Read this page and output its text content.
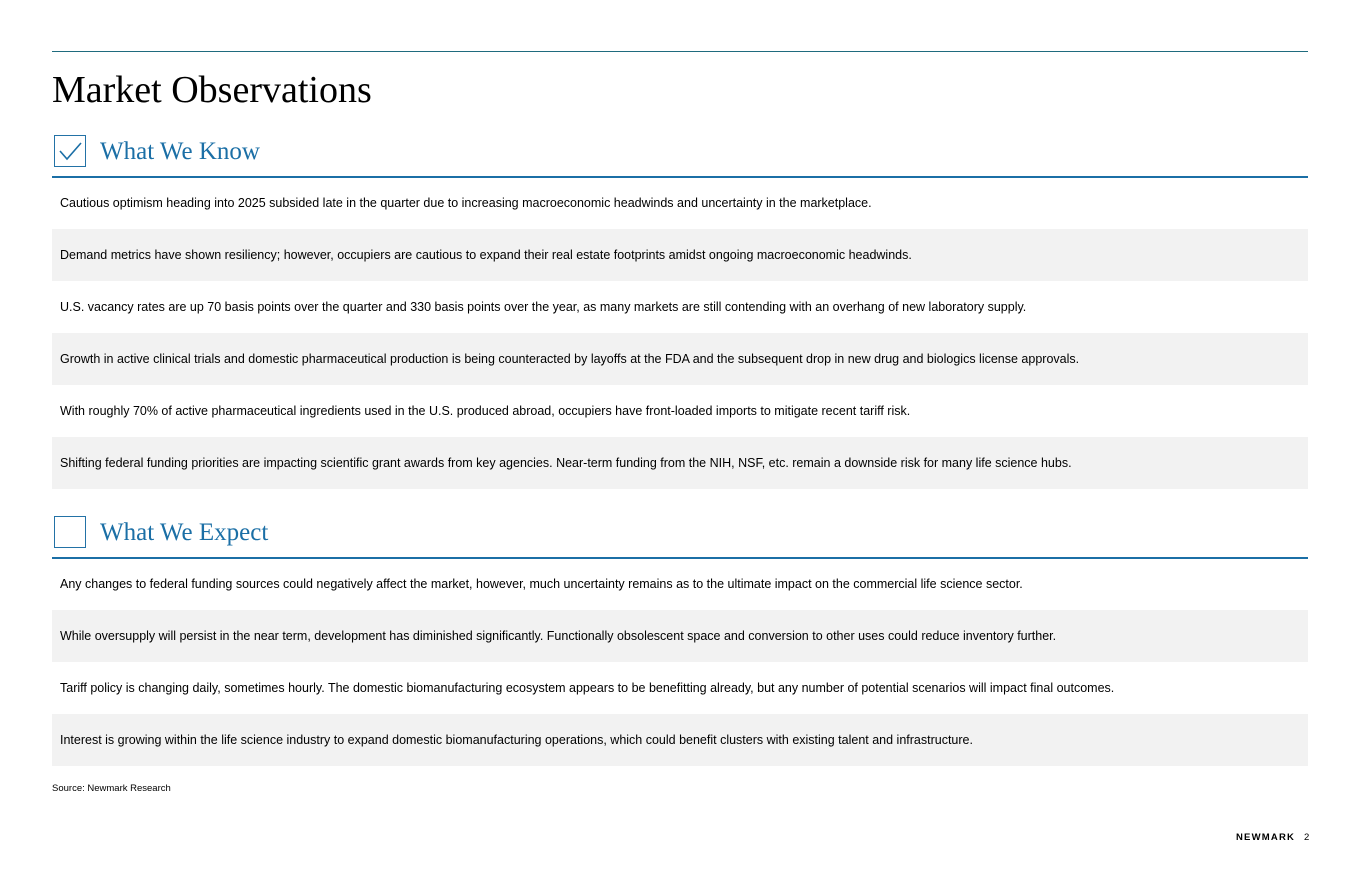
Market Observations
What We Know
Cautious optimism heading into 2025 subsided late in the quarter due to increasing macroeconomic headwinds and uncertainty in the marketplace.
Demand metrics have shown resiliency; however, occupiers are cautious to expand their real estate footprints amidst ongoing macroeconomic headwinds.
U.S. vacancy rates are up 70 basis points over the quarter and 330 basis points over the year, as many markets are still contending with an overhang of new laboratory supply.
Growth in active clinical trials and domestic pharmaceutical production is being counteracted by layoffs at the FDA and the subsequent drop in new drug and biologics license approvals.
With roughly 70% of active pharmaceutical ingredients used in the U.S. produced abroad, occupiers have front-loaded imports to mitigate recent tariff risk.
Shifting federal funding priorities are impacting scientific grant awards from key agencies. Near-term funding from the NIH, NSF, etc. remain a downside risk for many life science hubs.
What We Expect
Any changes to federal funding sources could negatively affect the market, however, much uncertainty remains as to the ultimate impact on the commercial life science sector.
While oversupply will persist in the near term, development has diminished significantly. Functionally obsolescent space and conversion to other uses could reduce inventory further.
Tariff policy is changing daily, sometimes hourly. The domestic biomanufacturing ecosystem appears to be benefitting already, but any number of potential scenarios will impact final outcomes.
Interest is growing within the life science industry to expand domestic biomanufacturing operations, which could benefit clusters with existing talent and infrastructure.
Source: Newmark Research
NEWMARK 2
